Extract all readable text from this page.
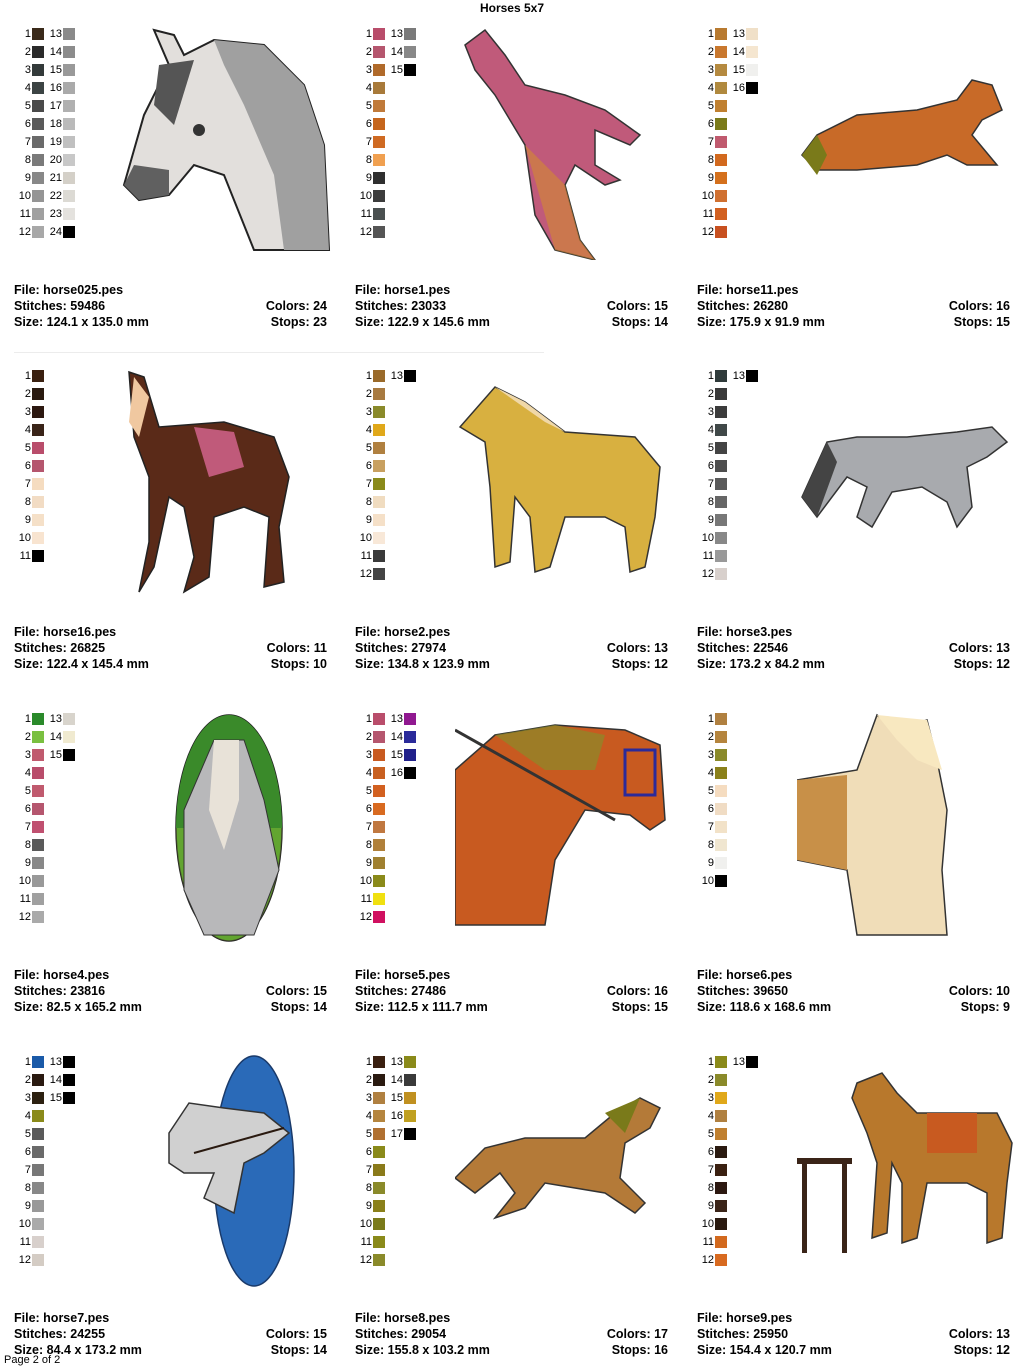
Horses 5x7
1	13
2	14
3	15
4	16
5	17
6	18
7	19
8	20
9	21
10	22
11	23
12	24
File: horse025.pes
Stitches: 59486	Colors: 24
Size: 124.1 x 135.0 mm	Stops: 23
1	13
2	14
3	15
4
5
6
7
8
9
10
11
12
File: horse1.pes
Stitches: 23033	Colors: 15
Size: 122.9 x 145.6 mm	Stops: 14
1	13
2	14
3	15
4	16
5
6
7
8
9
10
11
12
File: horse11.pes
Stitches: 26280	Colors: 16
Size: 175.9 x 91.9 mm	Stops: 15
1
2
3
4
5
6
7
8
9
10
11
File: horse16.pes
Stitches: 26825	Colors: 11
Size: 122.4 x 145.4 mm	Stops: 10
1	13
2
3
4
5
6
7
8
9
10
11
12
File: horse2.pes
Stitches: 27974	Colors: 13
Size: 134.8 x 123.9 mm	Stops: 12
1	13
2
3
4
5
6
7
8
9
10
11
12
File: horse3.pes
Stitches: 22546	Colors: 13
Size: 173.2 x 84.2 mm	Stops: 12
1	13
2	14
3	15
4
5
6
7
8
9
10
11
12
File: horse4.pes
Stitches: 23816	Colors: 15
Size: 82.5 x 165.2 mm	Stops: 14
1	13
2	14
3	15
4	16
5
6
7
8
9
10
11
12
File: horse5.pes
Stitches: 27486	Colors: 16
Size: 112.5 x 111.7 mm	Stops: 15
1
2
3
4
5
6
7
8
9
10
File: horse6.pes
Stitches: 39650	Colors: 10
Size: 118.6 x 168.6 mm	Stops: 9
1	13
2	14
3	15
4
5
6
7
8
9
10
11
12
File: horse7.pes
Stitches: 24255	Colors: 15
Size: 84.4 x 173.2 mm	Stops: 14
1	13
2	14
3	15
4	16
5	17
6
7
8
9
10
11
12
File: horse8.pes
Stitches: 29054	Colors: 17
Size: 155.8 x 103.2 mm	Stops: 16
1	13
2
3
4
5
6
7
8
9
10
11
12
File: horse9.pes
Stitches: 25950	Colors: 13
Size: 154.4 x 120.7 mm	Stops: 12
Page 2 of 2
